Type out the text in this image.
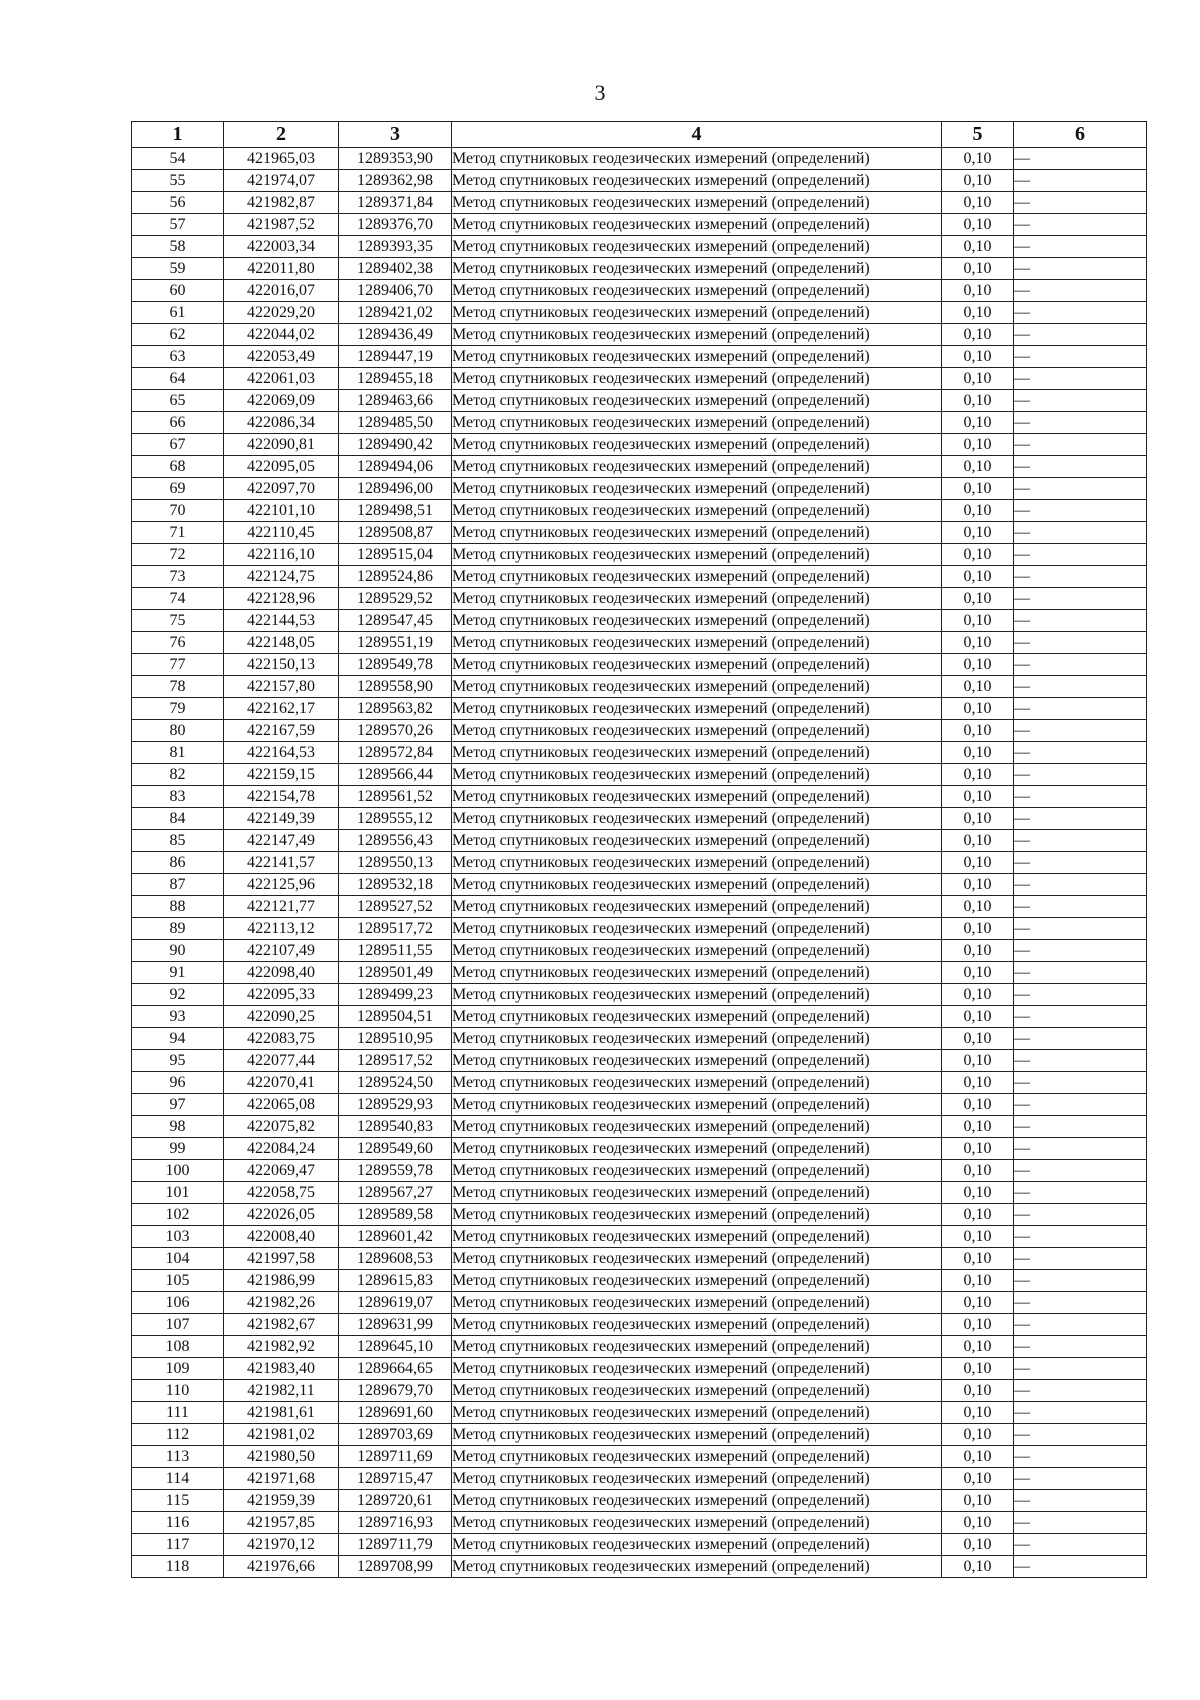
3
1	2	3	4	5	6
54	421965,03	1289353,90	Метод спутниковых геодезических измерений (определений)	0,10	—
55	421974,07	1289362,98	Метод спутниковых геодезических измерений (определений)	0,10	—
56	421982,87	1289371,84	Метод спутниковых геодезических измерений (определений)	0,10	—
57	421987,52	1289376,70	Метод спутниковых геодезических измерений (определений)	0,10	—
58	422003,34	1289393,35	Метод спутниковых геодезических измерений (определений)	0,10	—
59	422011,80	1289402,38	Метод спутниковых геодезических измерений (определений)	0,10	—
60	422016,07	1289406,70	Метод спутниковых геодезических измерений (определений)	0,10	—
61	422029,20	1289421,02	Метод спутниковых геодезических измерений (определений)	0,10	—
62	422044,02	1289436,49	Метод спутниковых геодезических измерений (определений)	0,10	—
63	422053,49	1289447,19	Метод спутниковых геодезических измерений (определений)	0,10	—
64	422061,03	1289455,18	Метод спутниковых геодезических измерений (определений)	0,10	—
65	422069,09	1289463,66	Метод спутниковых геодезических измерений (определений)	0,10	—
66	422086,34	1289485,50	Метод спутниковых геодезических измерений (определений)	0,10	—
67	422090,81	1289490,42	Метод спутниковых геодезических измерений (определений)	0,10	—
68	422095,05	1289494,06	Метод спутниковых геодезических измерений (определений)	0,10	—
69	422097,70	1289496,00	Метод спутниковых геодезических измерений (определений)	0,10	—
70	422101,10	1289498,51	Метод спутниковых геодезических измерений (определений)	0,10	—
71	422110,45	1289508,87	Метод спутниковых геодезических измерений (определений)	0,10	—
72	422116,10	1289515,04	Метод спутниковых геодезических измерений (определений)	0,10	—
73	422124,75	1289524,86	Метод спутниковых геодезических измерений (определений)	0,10	—
74	422128,96	1289529,52	Метод спутниковых геодезических измерений (определений)	0,10	—
75	422144,53	1289547,45	Метод спутниковых геодезических измерений (определений)	0,10	—
76	422148,05	1289551,19	Метод спутниковых геодезических измерений (определений)	0,10	—
77	422150,13	1289549,78	Метод спутниковых геодезических измерений (определений)	0,10	—
78	422157,80	1289558,90	Метод спутниковых геодезических измерений (определений)	0,10	—
79	422162,17	1289563,82	Метод спутниковых геодезических измерений (определений)	0,10	—
80	422167,59	1289570,26	Метод спутниковых геодезических измерений (определений)	0,10	—
81	422164,53	1289572,84	Метод спутниковых геодезических измерений (определений)	0,10	—
82	422159,15	1289566,44	Метод спутниковых геодезических измерений (определений)	0,10	—
83	422154,78	1289561,52	Метод спутниковых геодезических измерений (определений)	0,10	—
84	422149,39	1289555,12	Метод спутниковых геодезических измерений (определений)	0,10	—
85	422147,49	1289556,43	Метод спутниковых геодезических измерений (определений)	0,10	—
86	422141,57	1289550,13	Метод спутниковых геодезических измерений (определений)	0,10	—
87	422125,96	1289532,18	Метод спутниковых геодезических измерений (определений)	0,10	—
88	422121,77	1289527,52	Метод спутниковых геодезических измерений (определений)	0,10	—
89	422113,12	1289517,72	Метод спутниковых геодезических измерений (определений)	0,10	—
90	422107,49	1289511,55	Метод спутниковых геодезических измерений (определений)	0,10	—
91	422098,40	1289501,49	Метод спутниковых геодезических измерений (определений)	0,10	—
92	422095,33	1289499,23	Метод спутниковых геодезических измерений (определений)	0,10	—
93	422090,25	1289504,51	Метод спутниковых геодезических измерений (определений)	0,10	—
94	422083,75	1289510,95	Метод спутниковых геодезических измерений (определений)	0,10	—
95	422077,44	1289517,52	Метод спутниковых геодезических измерений (определений)	0,10	—
96	422070,41	1289524,50	Метод спутниковых геодезических измерений (определений)	0,10	—
97	422065,08	1289529,93	Метод спутниковых геодезических измерений (определений)	0,10	—
98	422075,82	1289540,83	Метод спутниковых геодезических измерений (определений)	0,10	—
99	422084,24	1289549,60	Метод спутниковых геодезических измерений (определений)	0,10	—
100	422069,47	1289559,78	Метод спутниковых геодезических измерений (определений)	0,10	—
101	422058,75	1289567,27	Метод спутниковых геодезических измерений (определений)	0,10	—
102	422026,05	1289589,58	Метод спутниковых геодезических измерений (определений)	0,10	—
103	422008,40	1289601,42	Метод спутниковых геодезических измерений (определений)	0,10	—
104	421997,58	1289608,53	Метод спутниковых геодезических измерений (определений)	0,10	—
105	421986,99	1289615,83	Метод спутниковых геодезических измерений (определений)	0,10	—
106	421982,26	1289619,07	Метод спутниковых геодезических измерений (определений)	0,10	—
107	421982,67	1289631,99	Метод спутниковых геодезических измерений (определений)	0,10	—
108	421982,92	1289645,10	Метод спутниковых геодезических измерений (определений)	0,10	—
109	421983,40	1289664,65	Метод спутниковых геодезических измерений (определений)	0,10	—
110	421982,11	1289679,70	Метод спутниковых геодезических измерений (определений)	0,10	—
111	421981,61	1289691,60	Метод спутниковых геодезических измерений (определений)	0,10	—
112	421981,02	1289703,69	Метод спутниковых геодезических измерений (определений)	0,10	—
113	421980,50	1289711,69	Метод спутниковых геодезических измерений (определений)	0,10	—
114	421971,68	1289715,47	Метод спутниковых геодезических измерений (определений)	0,10	—
115	421959,39	1289720,61	Метод спутниковых геодезических измерений (определений)	0,10	—
116	421957,85	1289716,93	Метод спутниковых геодезических измерений (определений)	0,10	—
117	421970,12	1289711,79	Метод спутниковых геодезических измерений (определений)	0,10	—
118	421976,66	1289708,99	Метод спутниковых геодезических измерений (определений)	0,10	—
